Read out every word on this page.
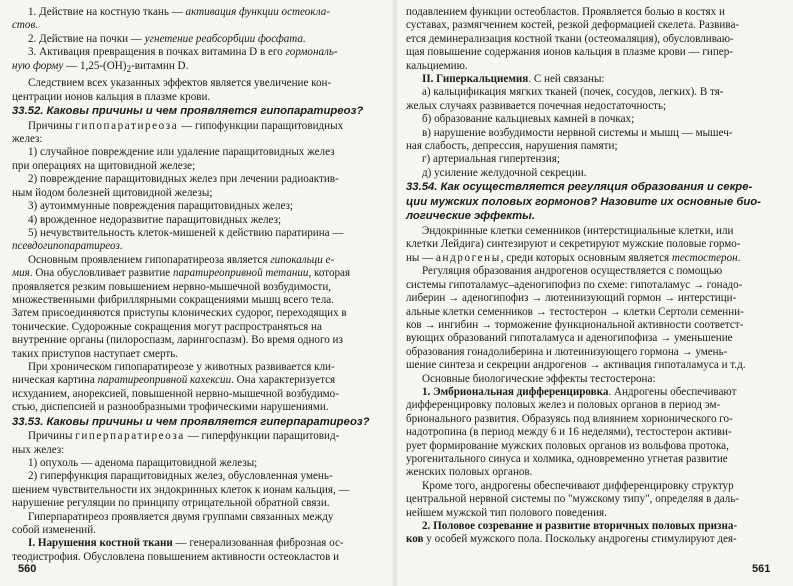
1. Действие на костную ткань — активация функции остеокла-

стов.

2. Действие на почки — угнетение реабсорбции фосфата.

3. Активация превращения в почках витамина D в его гормональ-

ную форму — $1,25-(ОН)_2$-витамин D.

Следствием всех указанных эффектов является увеличение кон-

центрации ионов кальция в плазме крови.

33.52. Каковы причины и чем проявляется гипопаратиреоз?

Причины гипопаратиреоза — гипофункции паращитовидных

желез:

1) случайное повреждение или удаление паращитовидных желез

при операциях на щитовидной железе;

2) повреждение паращитовидных желез при лечении радиоактив-

ным йодом болезней щитовидной железы;

3) аутоиммунные повреждения паращитовидных желез;

4) врожденное недоразвитие паращитовидных желез;

5) нечувствительность клеток-мишеней к действию паратирина —

псевдогипопаратиреоз.

Основным проявлением гипопаратиреоза является гипокальци е-

мия. Она обусловливает развитие паратиреопривной тетании, которая

проявляется резким повышением нервно-мышечной возбудимости,

множественными фибриллярными сокращениями мышц всего тела.

Затем присоединяются приступы клонических судорог, переходящих в

тонические. Судорожные сокращения могут распространяться на

внутренние органы (пилороспазм, ларингоспазм). Во время одного из

таких приступов наступает смерть.

При хроническом гипопаратиреозе у животных развивается кли-

ническая картина паратиреопривной кахексии. Она характеризуется

исхуданием, анорексией, повышенной нервно-мышечной возбудимо-

стью, диспепсией и разнообразными трофическими нарушениями.

33.53. Каковы причины и чем проявляется гиперпаратиреоз?

Причины гиперпаратиреоза — гиперфункции паращитовид-

ных желез:

1) опухоль — аденома паращитовидной железы;

2) гиперфункция паращитовидных желез, обусловленная умень-

шением чувствительности их эндокринных клеток к ионам кальция, —

нарушение регуляции по принципу отрицательной обратной связи.

Гиперпаратиреоз проявляется двумя группами связанных между

собой изменений.

I. Нарушения костной ткани — генерализованная фиброзная ос-

теодистрофия. Обусловлена повышением активности остеокластов и

подавлением функции остеобластов. Проявляется болью в костях и

суставах, размягчением костей, резкой деформацией скелета. Развива-

ется деминерализация костной ткани (остеомаляция), обусловливаю-

щая повышение содержания ионов кальция в плазме крови — гипер-

кальциемию.

II. Гиперкальциемия. С ней связаны:

а) кальцификация мягких тканей (почек, сосудов, легких). В тя-

желых случаях развивается почечная недостаточность;

б) образование кальциевых камней в почках;

в) нарушение возбудимости нервной системы и мышц — мышеч-

ная слабость, депрессия, нарушения памяти;

г) артериальная гипертензия;

д) усиление желудочной секреции.

33.54. Как осуществляется регуляция образования и секре-

ции мужских половых гормонов? Назовите их основные био-

логические эффекты.

Эндокринные клетки семенников (интерстициальные клетки, или

клетки Лейдига) синтезируют и секретируют мужские половые гормо-

ны — андрогены, среди которых основным является тестостерон.

Регуляция образования андрогенов осуществляется с помощью

системы гипоталамус–аденогипофиз по схеме: гипоталамус → гонадо-

либерин → аденогипофиз → лютеинизующий гормон → интерстици-

альные клетки семенников → тестостерон → клетки Сертоли семенни-

ков → ингибин → торможение функциональной активности соответст-

вующих образований гипоталамуса и аденогипофиза → уменьшение

образования гонадолиберина и лютеинизующего гормона → умень-

шение синтеза и секреции андрогенов → активация гипоталамуса и т.д.

Основные биологические эффекты тестостерона:

1. Эмбриональная дифференцировка. Андрогены обеспечивают

дифференцировку половых желез и половых органов в период эм-

брионального развития. Образуясь под влиянием хорионического го-

надотропина (в период между 6 и 16 неделями), тестостерон активи-

рует формирование мужских половых органов из вольфова протока,

урогенитального синуса и холмика, одновременно угнетая развитие

женских половых органов.

Кроме того, андрогены обеспечивают дифференцировку структур

центральной нервной системы по "мужскому типу", определяя в даль-

нейшем мужской тип полового поведения.

2. Половое созревание и развитие вторичных половых призна-

ков у особей мужского пола. Поскольку андрогены стимулируют дея-

560	561
